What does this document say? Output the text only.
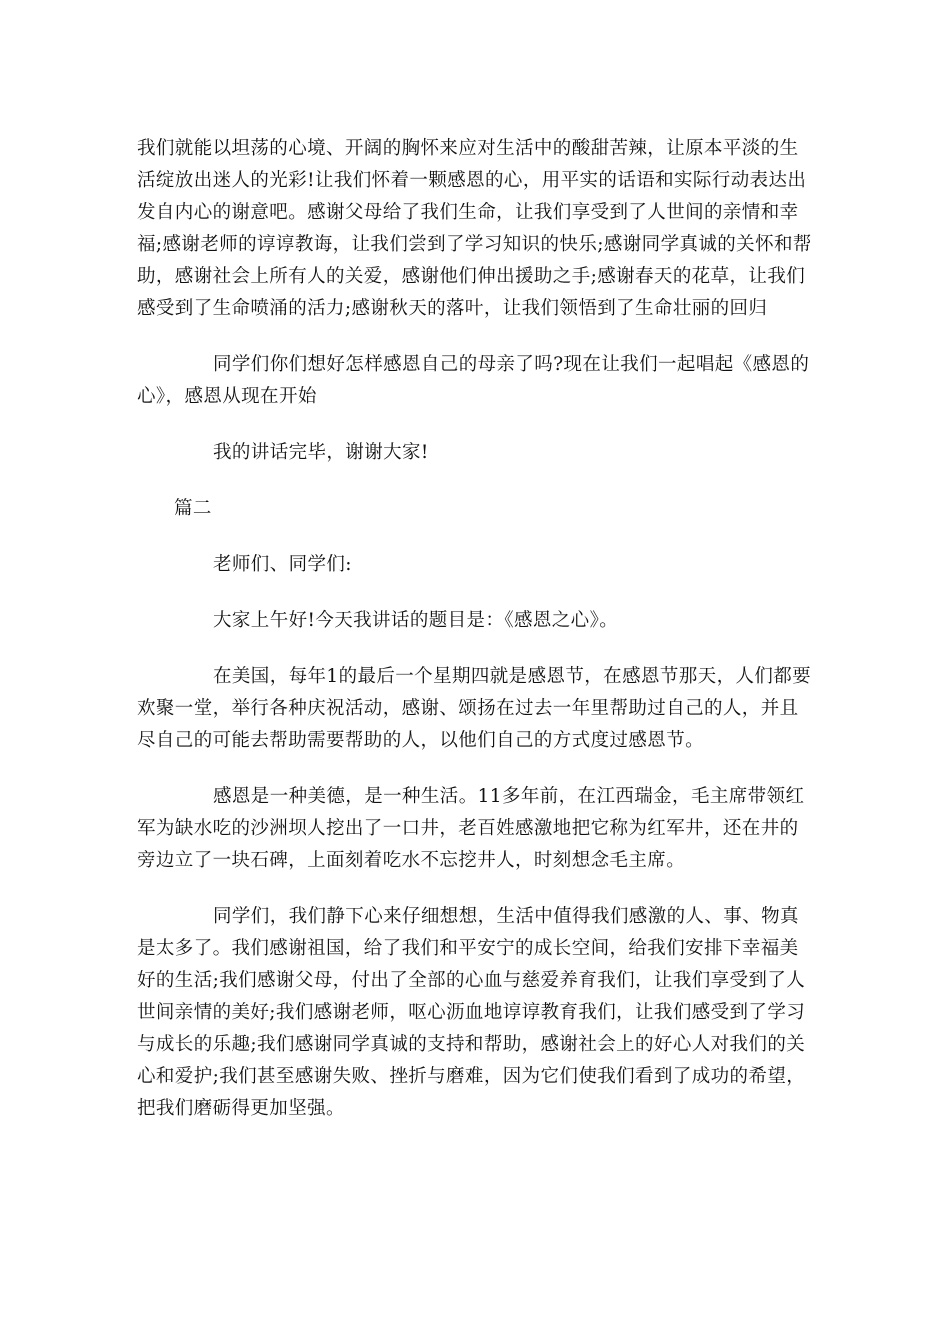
我们就能以坦荡的心境、开阔的胸怀来应对生活中的酸甜苦辣，让原本平淡的生活绽放出迷人的光彩!让我们怀着一颗感恩的心，用平实的话语和实际行动表达出发自内心的谢意吧。感谢父母给了我们生命，让我们享受到了人世间的亲情和幸福;感谢老师的谆谆教诲，让我们尝到了学习知识的快乐;感谢同学真诚的关怀和帮助，感谢社会上所有人的关爱，感谢他们伸出援助之手;感谢春天的花草，让我们感受到了生命喷涌的活力;感谢秋天的落叶，让我们领悟到了生命壮丽的回归

同学们你们想好怎样感恩自己的母亲了吗?现在让我们一起唱起《感恩的心》，感恩从现在开始

我的讲话完毕，谢谢大家!

篇二

老师们、同学们:

大家上午好!今天我讲话的题目是：《感恩之心》。

在美国，每年1的最后一个星期四就是感恩节，在感恩节那天，人们都要欢聚一堂，举行各种庆祝活动，感谢、颂扬在过去一年里帮助过自己的人，并且尽自己的可能去帮助需要帮助的人，以他们自己的方式度过感恩节。

感恩是一种美德，是一种生活。11多年前，在江西瑞金，毛主席带领红军为缺水吃的沙洲坝人挖出了一口井，老百姓感激地把它称为红军井，还在井的旁边立了一块石碑，上面刻着吃水不忘挖井人，时刻想念毛主席。

同学们，我们静下心来仔细想想，生活中值得我们感激的人、事、物真是太多了。我们感谢祖国，给了我们和平安宁的成长空间，给我们安排下幸福美好的生活;我们感谢父母，付出了全部的心血与慈爱养育我们，让我们享受到了人世间亲情的美好;我们感谢老师，呕心沥血地谆谆教育我们，让我们感受到了学习与成长的乐趣;我们感谢同学真诚的支持和帮助，感谢社会上的好心人对我们的关心和爱护;我们甚至感谢失败、挫折与磨难，因为它们使我们看到了成功的希望，把我们磨砺得更加坚强。
